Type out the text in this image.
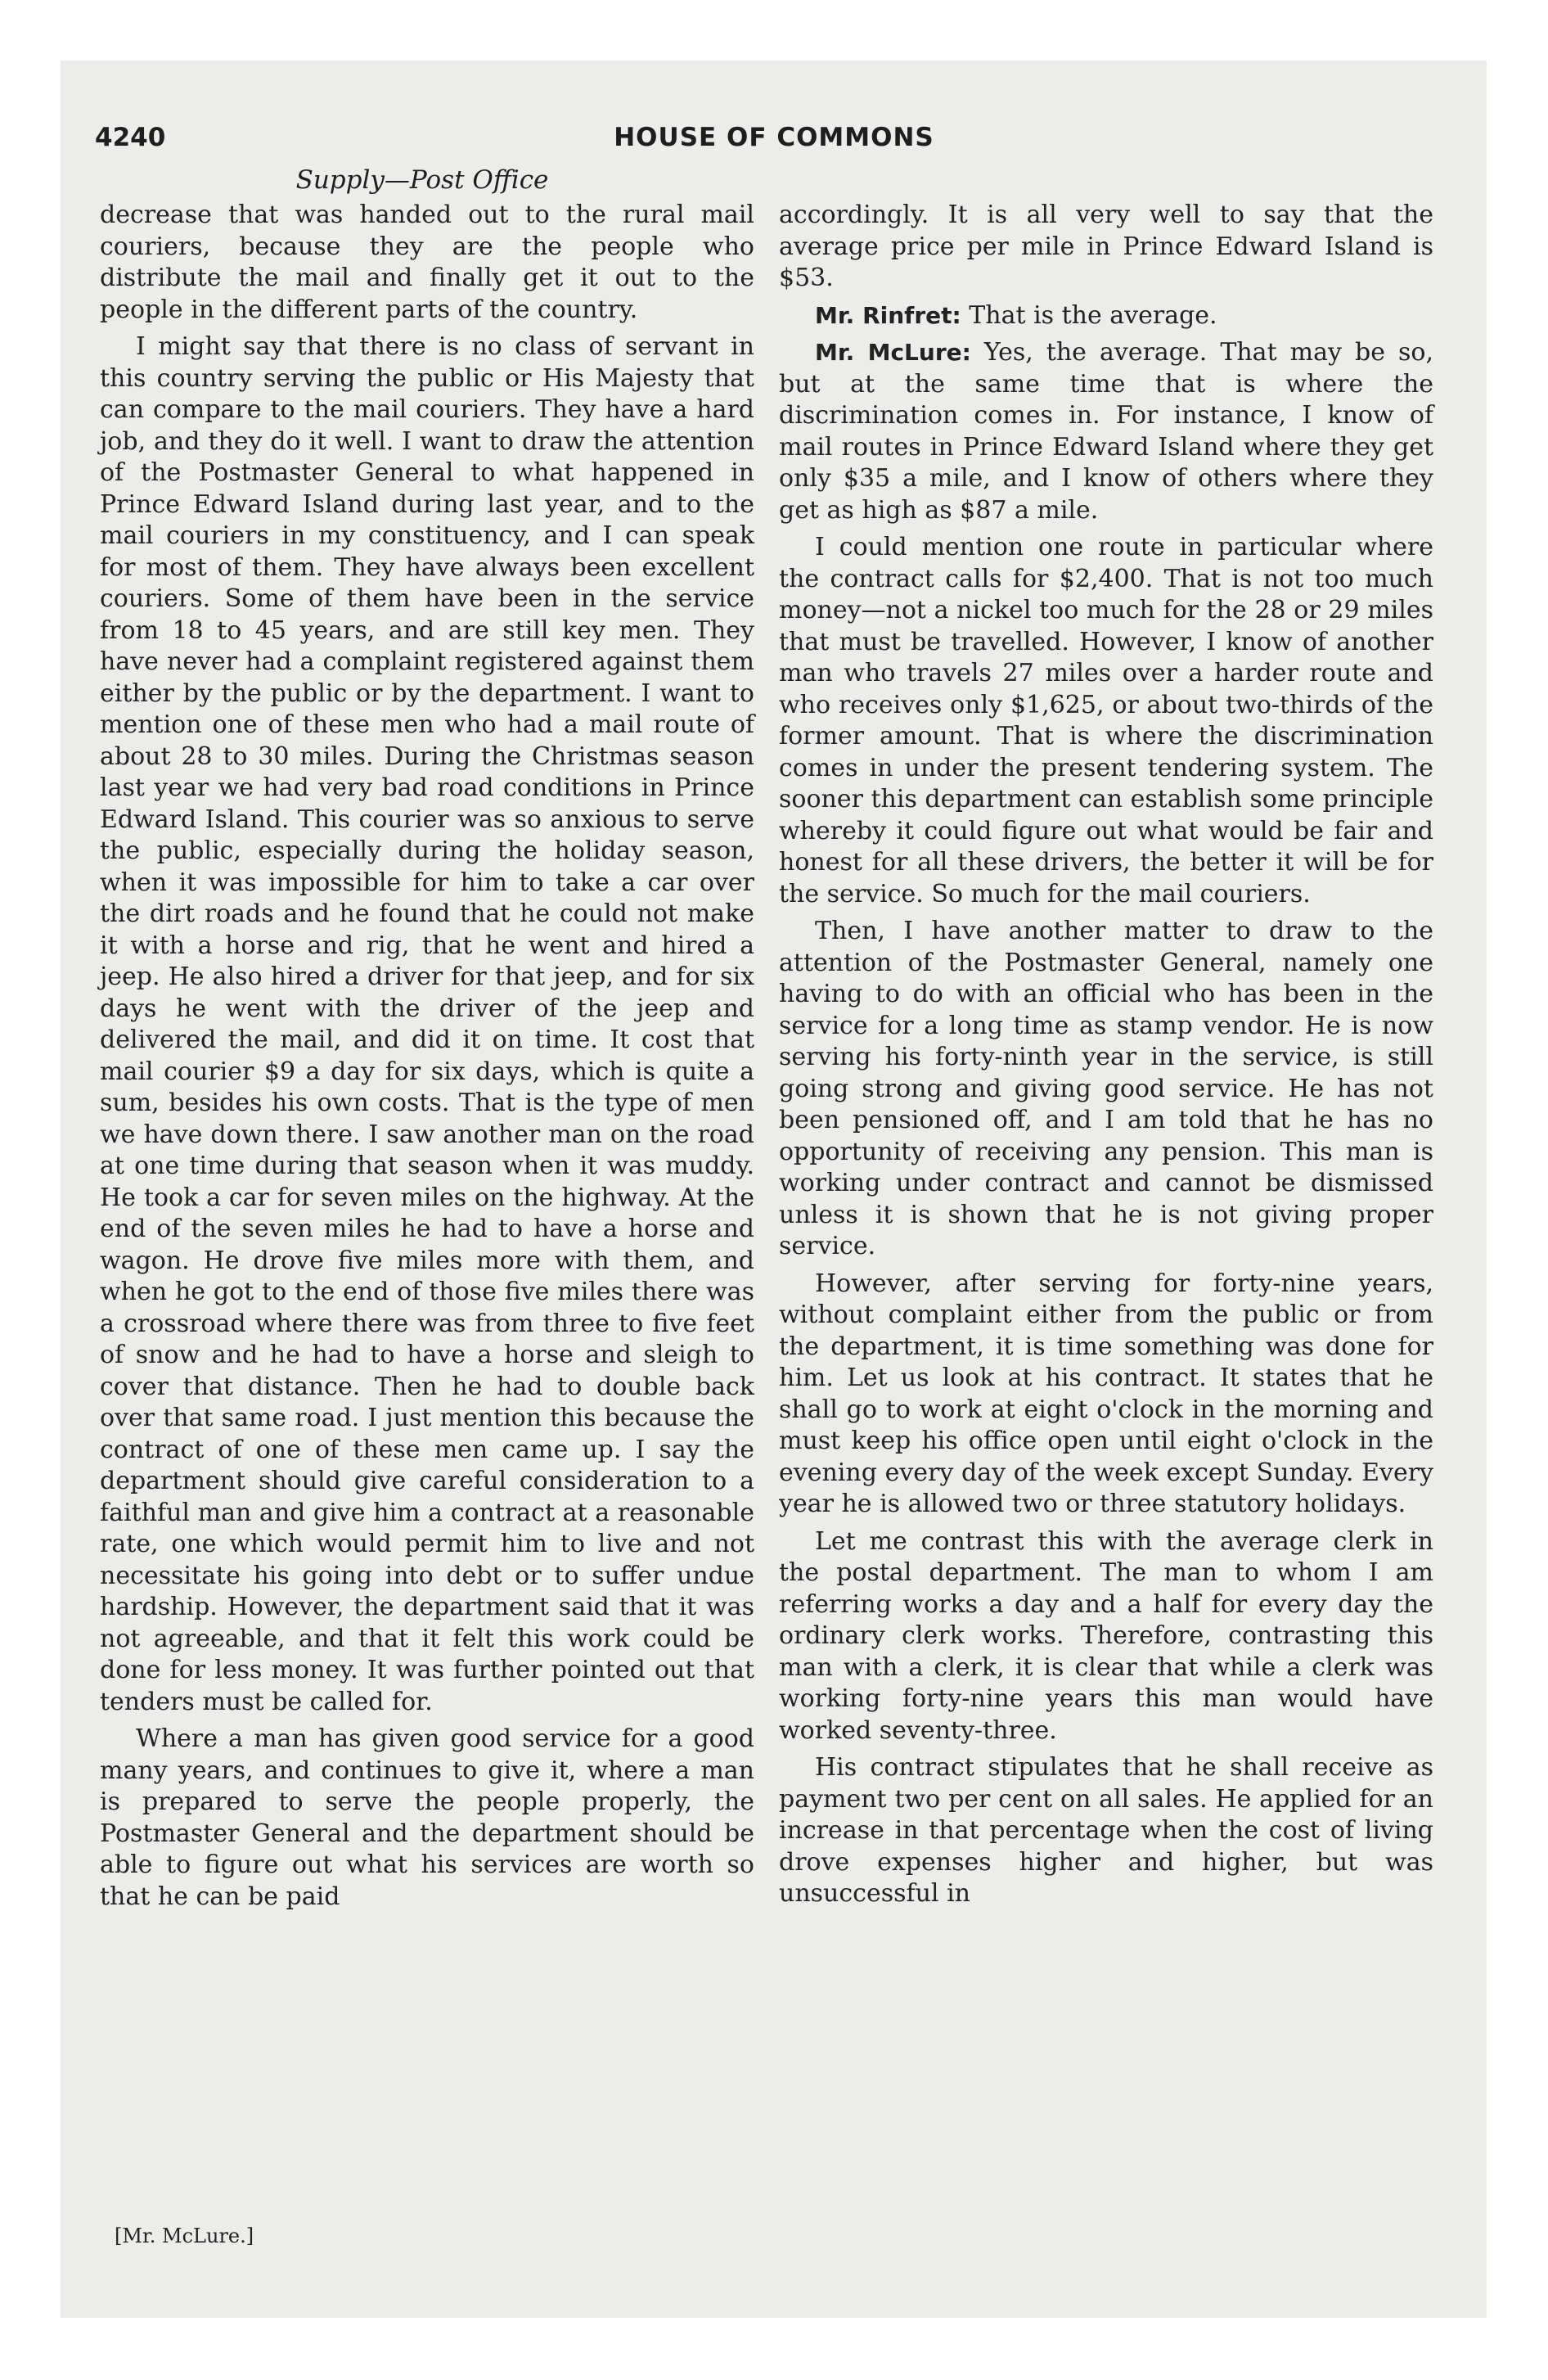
4240	HOUSE OF COMMONS
Supply—Post Office

decrease that was handed out to the rural mail couriers, because they are the people who distribute the mail and finally get it out to the people in the different parts of the country.

I might say that there is no class of servant in this country serving the public or His Majesty that can compare to the mail couriers. They have a hard job, and they do it well. I want to draw the attention of the Postmaster General to what happened in Prince Edward Island during last year, and to the mail couriers in my constituency, and I can speak for most of them. They have always been excellent couriers. Some of them have been in the service from 18 to 45 years, and are still key men. They have never had a complaint registered against them either by the public or by the department. I want to mention one of these men who had a mail route of about 28 to 30 miles. During the Christmas season last year we had very bad road conditions in Prince Edward Island. This courier was so anxious to serve the public, especially during the holiday season, when it was impossible for him to take a car over the dirt roads and he found that he could not make it with a horse and rig, that he went and hired a jeep. He also hired a driver for that jeep, and for six days he went with the driver of the jeep and delivered the mail, and did it on time. It cost that mail courier $9 a day for six days, which is quite a sum, besides his own costs. That is the type of men we have down there. I saw another man on the road at one time during that season when it was muddy. He took a car for seven miles on the highway. At the end of the seven miles he had to have a horse and wagon. He drove five miles more with them, and when he got to the end of those five miles there was a crossroad where there was from three to five feet of snow and he had to have a horse and sleigh to cover that distance. Then he had to double back over that same road. I just mention this because the contract of one of these men came up. I say the department should give careful consideration to a faithful man and give him a contract at a reasonable rate, one which would permit him to live and not necessitate his going into debt or to suffer undue hardship. However, the department said that it was not agreeable, and that it felt this work could be done for less money. It was further pointed out that tenders must be called for.

Where a man has given good service for a good many years, and continues to give it, where a man is prepared to serve the people properly, the Postmaster General and the department should be able to figure out what his services are worth so that he can be paid

accordingly. It is all very well to say that the average price per mile in Prince Edward Island is $53.

Mr. Rinfret: That is the average.

Mr. McLure: Yes, the average. That may be so, but at the same time that is where the discrimination comes in. For instance, I know of mail routes in Prince Edward Island where they get only $35 a mile, and I know of others where they get as high as $87 a mile.

I could mention one route in particular where the contract calls for $2,400. That is not too much money—not a nickel too much for the 28 or 29 miles that must be travelled. However, I know of another man who travels 27 miles over a harder route and who receives only $1,625, or about two-thirds of the former amount. That is where the discrimination comes in under the present tendering system. The sooner this department can establish some principle whereby it could figure out what would be fair and honest for all these drivers, the better it will be for the service. So much for the mail couriers.

Then, I have another matter to draw to the attention of the Postmaster General, namely one having to do with an official who has been in the service for a long time as stamp vendor. He is now serving his forty-ninth year in the service, is still going strong and giving good service. He has not been pensioned off, and I am told that he has no opportunity of receiving any pension. This man is working under contract and cannot be dismissed unless it is shown that he is not giving proper service.

However, after serving for forty-nine years, without complaint either from the public or from the department, it is time something was done for him. Let us look at his contract. It states that he shall go to work at eight o'clock in the morning and must keep his office open until eight o'clock in the evening every day of the week except Sunday. Every year he is allowed two or three statutory holidays.

Let me contrast this with the average clerk in the postal department. The man to whom I am referring works a day and a half for every day the ordinary clerk works. Therefore, contrasting this man with a clerk, it is clear that while a clerk was working forty-nine years this man would have worked seventy-three.

His contract stipulates that he shall receive as payment two per cent on all sales. He applied for an increase in that percentage when the cost of living drove expenses higher and higher, but was unsuccessful in

[Mr. McLure.]
